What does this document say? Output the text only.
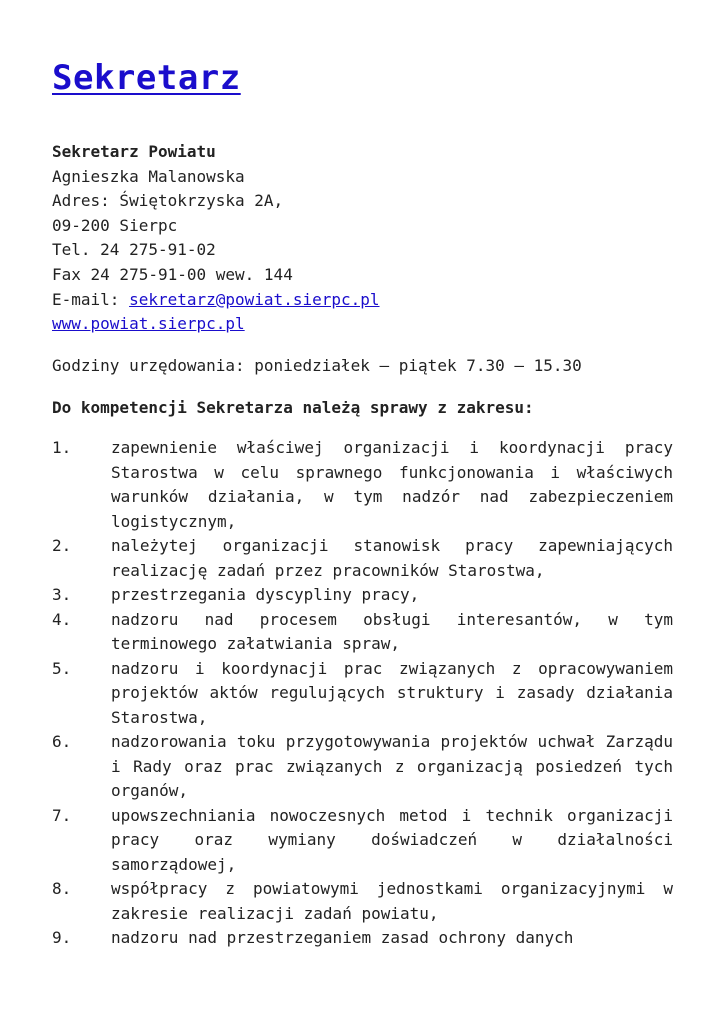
Sekretarz
Sekretarz Powiatu
Agnieszka Malanowska
Adres: Świętokrzyska 2A,
09-200 Sierpc
Tel. 24 275-91-02
Fax 24 275-91-00 wew. 144
E-mail: sekretarz@powiat.sierpc.pl
www.powiat.sierpc.pl
Godziny urzędowania: poniedziałek – piątek 7.30 – 15.30
Do kompetencji Sekretarza należą sprawy z zakresu:
1.	zapewnienie właściwej organizacji i koordynacji pracy Starostwa w celu sprawnego funkcjonowania i właściwych warunków działania, w tym nadzór nad zabezpieczeniem logistycznym,
2.	należytej organizacji stanowisk pracy zapewniających realizację zadań przez pracowników Starostwa,
3.	przestrzegania dyscypliny pracy,
4.	nadzoru nad procesem obsługi interesantów, w tym terminowego załatwiania spraw,
5.	nadzoru i koordynacji prac związanych z opracowywaniem projektów aktów regulujących struktury i zasady działania Starostwa,
6.	nadzorowania toku przygotowywania projektów uchwał Zarządu i Rady oraz prac związanych z organizacją posiedzeń tych organów,
7.	upowszechniania nowoczesnych metod i technik organizacji pracy oraz wymiany doświadczeń w działalności samorządowej,
8.	współpracy z powiatowymi jednostkami organizacyjnymi w zakresie realizacji zadań powiatu,
9.	nadzoru nad przestrzeganiem zasad ochrony danych
